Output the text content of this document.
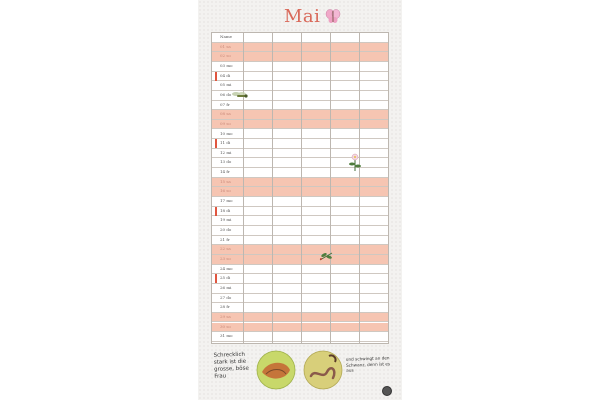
Mai
Name
01 sa
02 so
03 mo
04 di
05 mi
06 do
07 fr
08 sa
09 so
10 mo
11 di
12 mi
13 do
14 fr
15 sa
16 so
17 mo
18 di
19 mi
20 do
21 fr
22 sa
23 so
24 mo
25 di
26 mi
27 do
28 fr
29 sa
30 so
31 mo
Schrecklich stark ist die grosse, böse Frau
und schwingt an den Schwanz, denn ist es aus
